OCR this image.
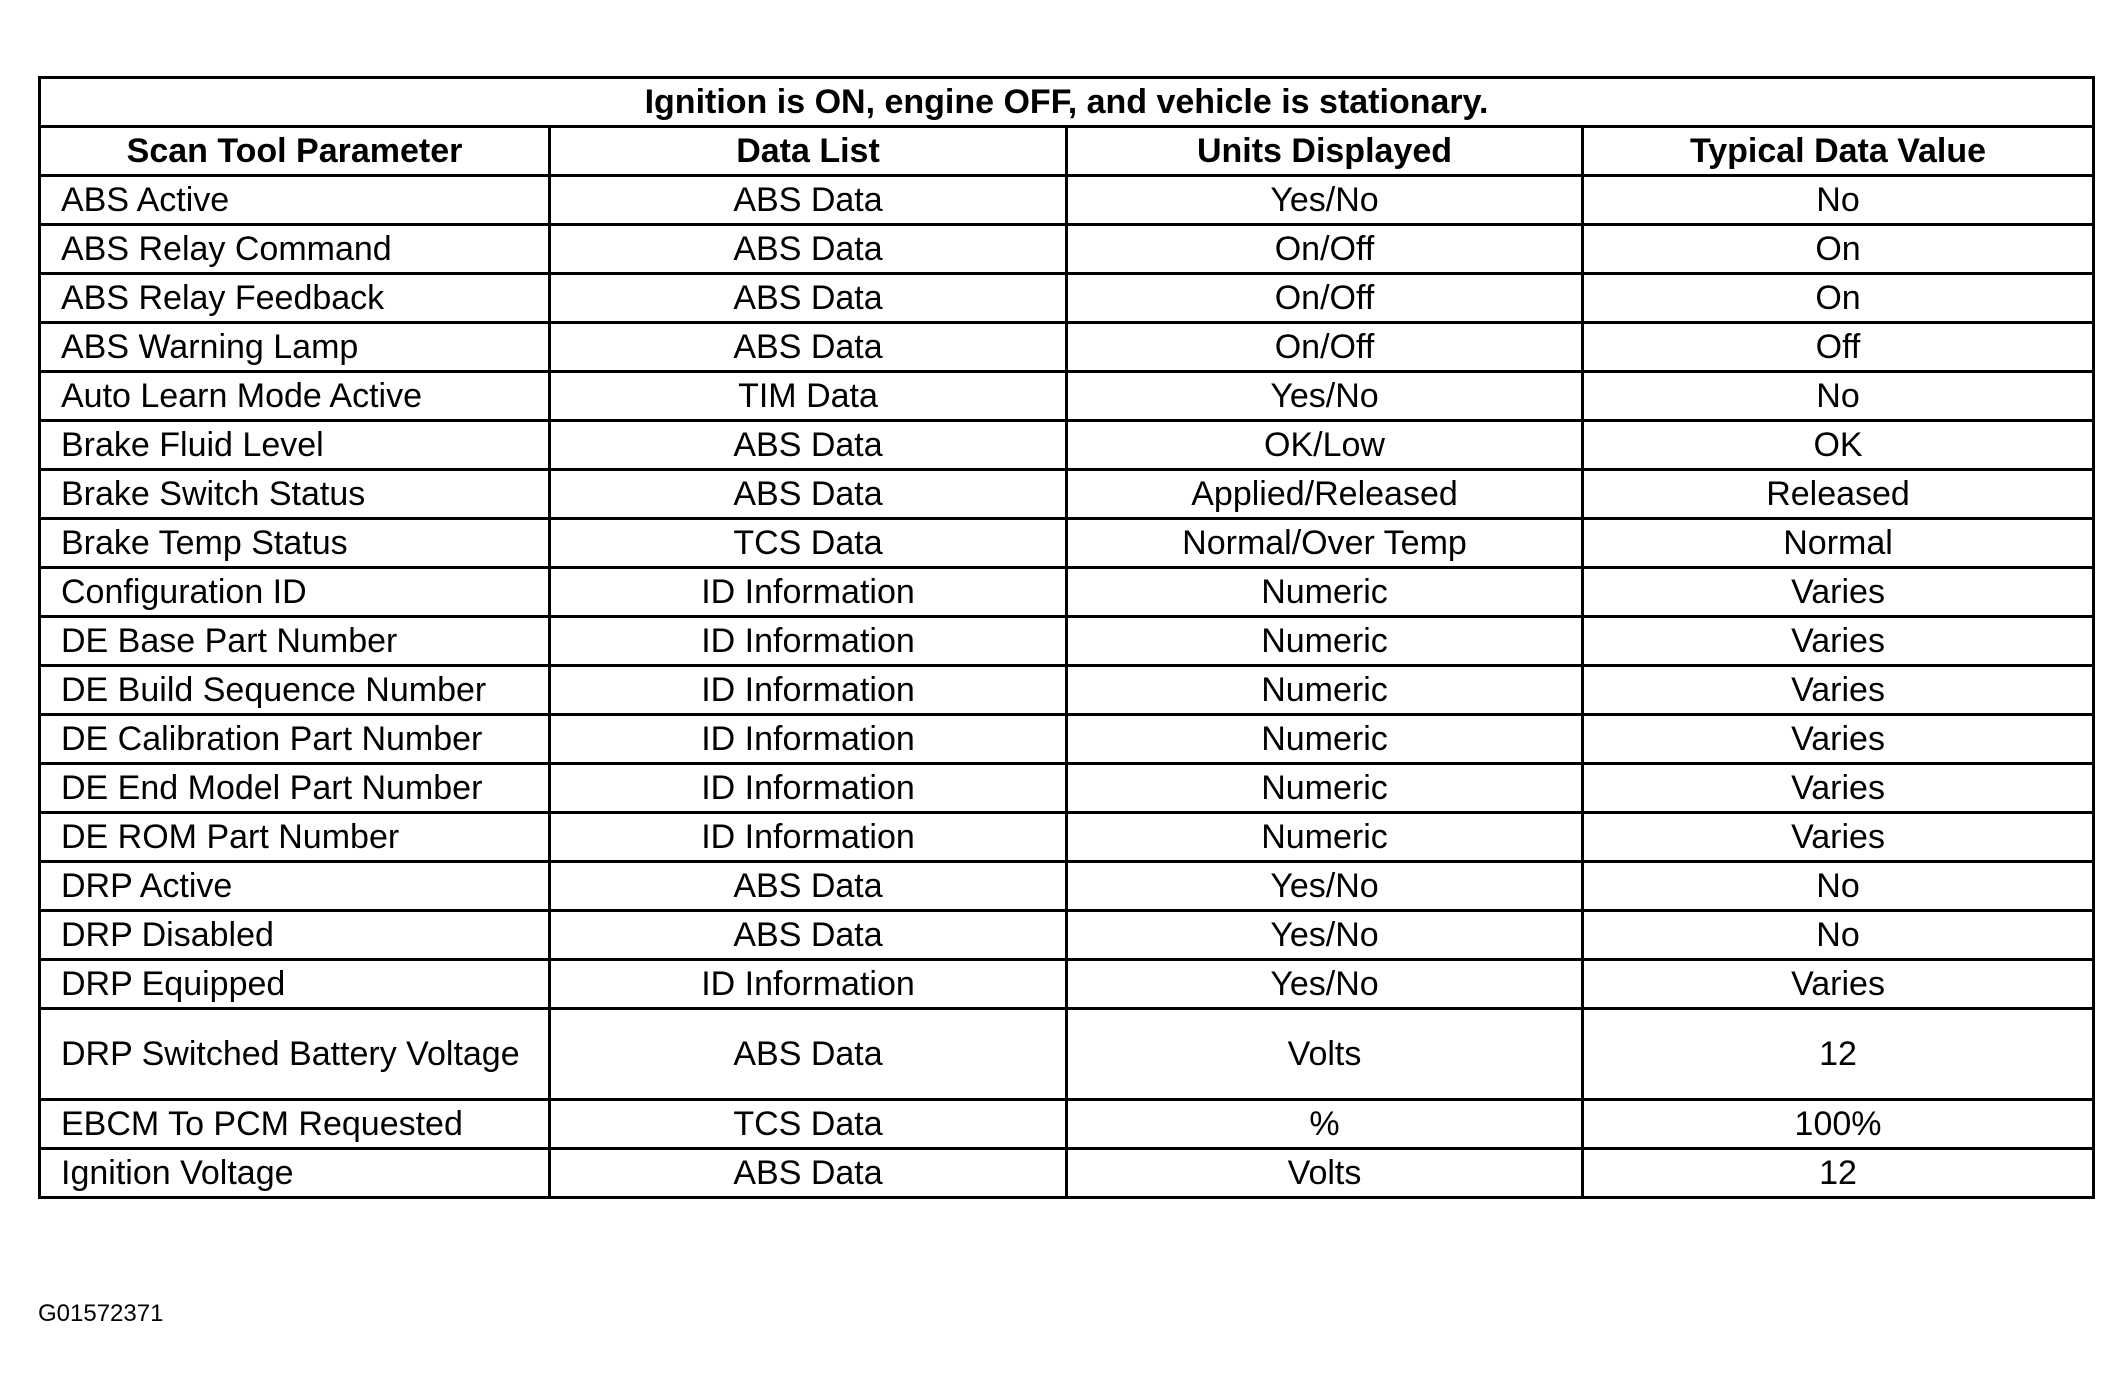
Ignition is ON, engine OFF, and vehicle is stationary.			
Scan Tool Parameter	Data List	Units Displayed	Typical Data Value
ABS Active	ABS Data	Yes/No	No
ABS Relay Command	ABS Data	On/Off	On
ABS Relay Feedback	ABS Data	On/Off	On
ABS Warning Lamp	ABS Data	On/Off	Off
Auto Learn Mode Active	TIM Data	Yes/No	No
Brake Fluid Level	ABS Data	OK/Low	OK
Brake Switch Status	ABS Data	Applied/Released	Released
Brake Temp Status	TCS Data	Normal/Over Temp	Normal
Configuration ID	ID Information	Numeric	Varies
DE Base Part Number	ID Information	Numeric	Varies
DE Build Sequence Number	ID Information	Numeric	Varies
DE Calibration Part Number	ID Information	Numeric	Varies
DE End Model Part Number	ID Information	Numeric	Varies
DE ROM Part Number	ID Information	Numeric	Varies
DRP Active	ABS Data	Yes/No	No
DRP Disabled	ABS Data	Yes/No	No
DRP Equipped	ID Information	Yes/No	Varies
DRP Switched Battery Voltage	ABS Data	Volts	12
EBCM To PCM Requested	TCS Data	%	100%
Ignition Voltage	ABS Data	Volts	12
G01572371
